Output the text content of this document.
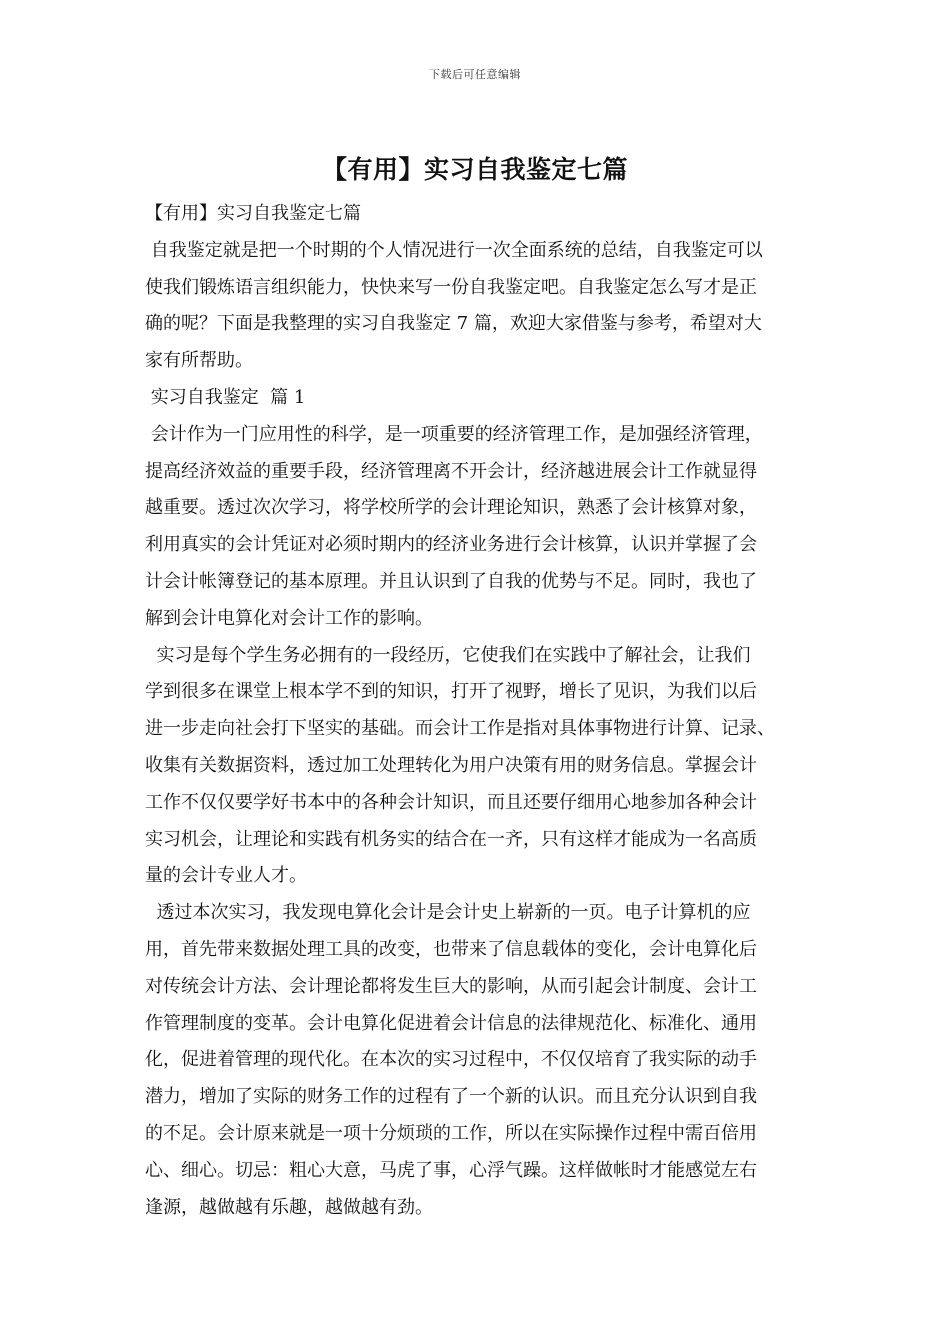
下载后可任意编辑
【有用】实习自我鉴定七篇
【有用】实习自我鉴定七篇
自我鉴定就是把一个时期的个人情况进行一次全面系统的总结，自我鉴定可以
使我们锻炼语言组织能力，快快来写一份自我鉴定吧。自我鉴定怎么写才是正
确的呢？下面是我整理的实习自我鉴定 7 篇，欢迎大家借鉴与参考，希望对大
家有所帮助。
实习自我鉴定  篇 1
会计作为一门应用性的科学，是一项重要的经济管理工作，是加强经济管理，
提高经济效益的重要手段，经济管理离不开会计，经济越进展会计工作就显得
越重要。透过次次学习，将学校所学的会计理论知识，熟悉了会计核算对象，
利用真实的会计凭证对必须时期内的经济业务进行会计核算，认识并掌握了会
计会计帐簿登记的基本原理。并且认识到了自我的优势与不足。同时，我也了
解到会计电算化对会计工作的影响。
实习是每个学生务必拥有的一段经历，它使我们在实践中了解社会，让我们
学到很多在课堂上根本学不到的知识，打开了视野，增长了见识，为我们以后
进一步走向社会打下坚实的基础。而会计工作是指对具体事物进行计算、记录、
收集有关数据资料，透过加工处理转化为用户决策有用的财务信息。掌握会计
工作不仅仅要学好书本中的各种会计知识，而且还要仔细用心地参加各种会计
实习机会，让理论和实践有机务实的结合在一齐，只有这样才能成为一名高质
量的会计专业人才。
透过本次实习，我发现电算化会计是会计史上崭新的一页。电子计算机的应
用，首先带来数据处理工具的改变，也带来了信息载体的变化，会计电算化后
对传统会计方法、会计理论都将发生巨大的影响，从而引起会计制度、会计工
作管理制度的变革。会计电算化促进着会计信息的法律规范化、标准化、通用
化，促进着管理的现代化。在本次的实习过程中，不仅仅培育了我实际的动手
潜力，增加了实际的财务工作的过程有了一个新的认识。而且充分认识到自我
的不足。会计原来就是一项十分烦琐的工作，所以在实际操作过程中需百倍用
心、细心。切忌：粗心大意，马虎了事，心浮气躁。这样做帐时才能感觉左右
逢源，越做越有乐趣，越做越有劲。
